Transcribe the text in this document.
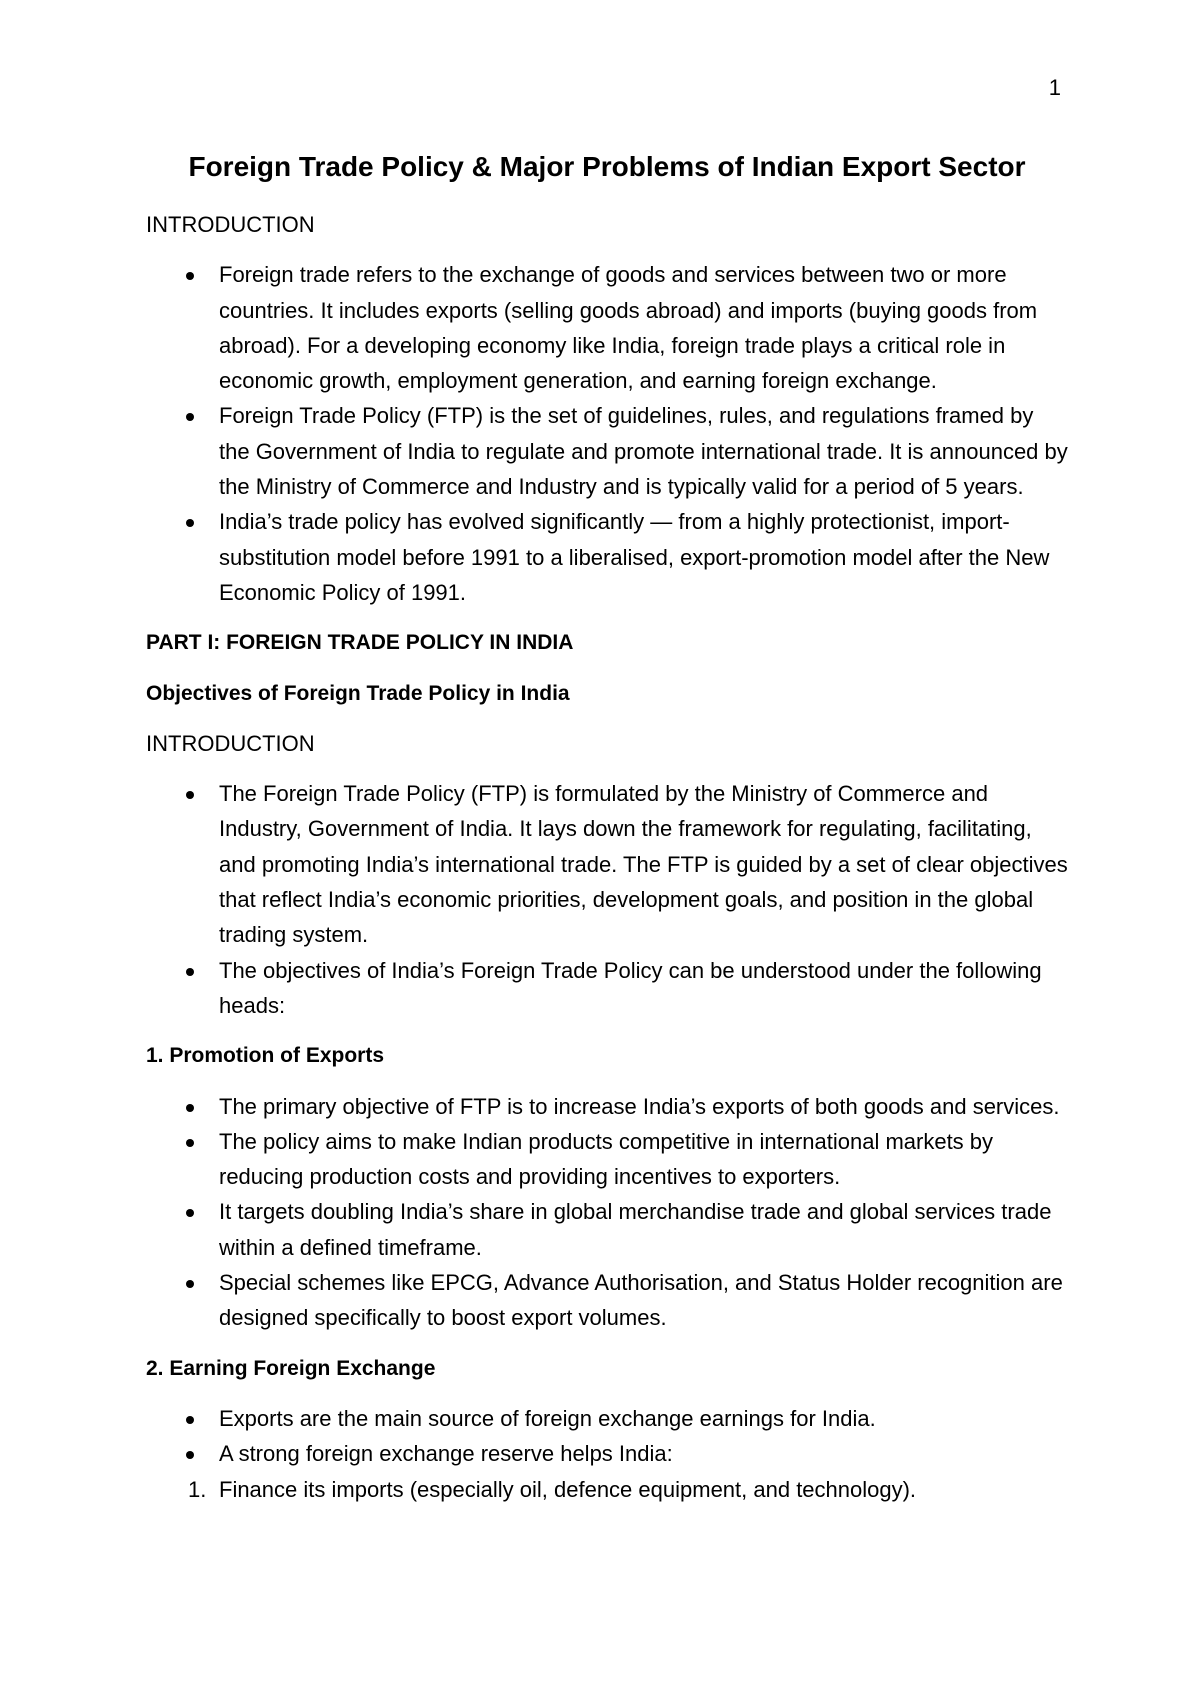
1
Foreign Trade Policy & Major Problems of Indian Export Sector

INTRODUCTION

Foreign trade refers to the exchange of goods and services between two or more countries. It includes exports (selling goods abroad) and imports (buying goods from abroad). For a developing economy like India, foreign trade plays a critical role in economic growth, employment generation, and earning foreign exchange.
Foreign Trade Policy (FTP) is the set of guidelines, rules, and regulations framed by the Government of India to regulate and promote international trade. It is announced by the Ministry of Commerce and Industry and is typically valid for a period of 5 years.
India’s trade policy has evolved significantly — from a highly protectionist, import-substitution model before 1991 to a liberalised, export-promotion model after the New Economic Policy of 1991.

PART I: FOREIGN TRADE POLICY IN INDIA

Objectives of Foreign Trade Policy in India

INTRODUCTION

The Foreign Trade Policy (FTP) is formulated by the Ministry of Commerce and Industry, Government of India. It lays down the framework for regulating, facilitating, and promoting India’s international trade. The FTP is guided by a set of clear objectives that reflect India’s economic priorities, development goals, and position in the global trading system.
The objectives of India’s Foreign Trade Policy can be understood under the following heads:

1. Promotion of Exports

The primary objective of FTP is to increase India’s exports of both goods and services.
The policy aims to make Indian products competitive in international markets by reducing production costs and providing incentives to exporters.
It targets doubling India’s share in global merchandise trade and global services trade within a defined timeframe.
Special schemes like EPCG, Advance Authorisation, and Status Holder recognition are designed specifically to boost export volumes.

2. Earning Foreign Exchange

Exports are the main source of foreign exchange earnings for India.
A strong foreign exchange reserve helps India:
1. Finance its imports (especially oil, defence equipment, and technology).
